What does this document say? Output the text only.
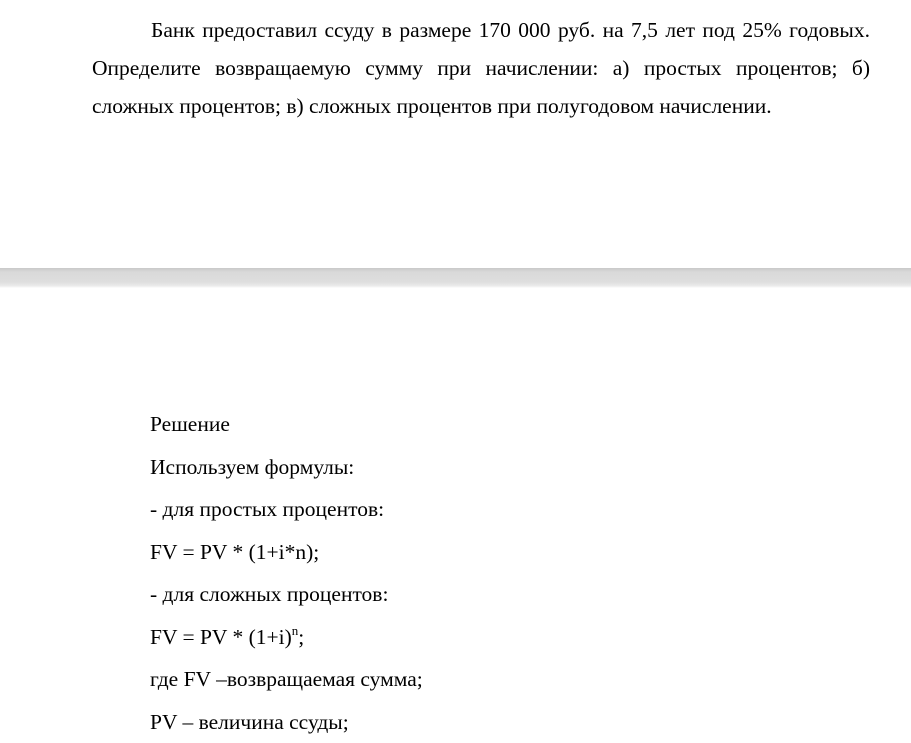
Банк предоставил ссуду в размере 170 000 руб. на 7,5 лет под 25% годовых. Определите возвращаемую сумму при начислении: а) простых процентов; б) сложных процентов; в) сложных процентов при полугодовом начислении.

Решение
Используем формулы:
- для простых процентов:
FV = PV * (1+i*n);
- для сложных процентов:
FV = PV * $(1+i)^n$;
где FV –возвращаемая сумма;
PV – величина ссуды;
